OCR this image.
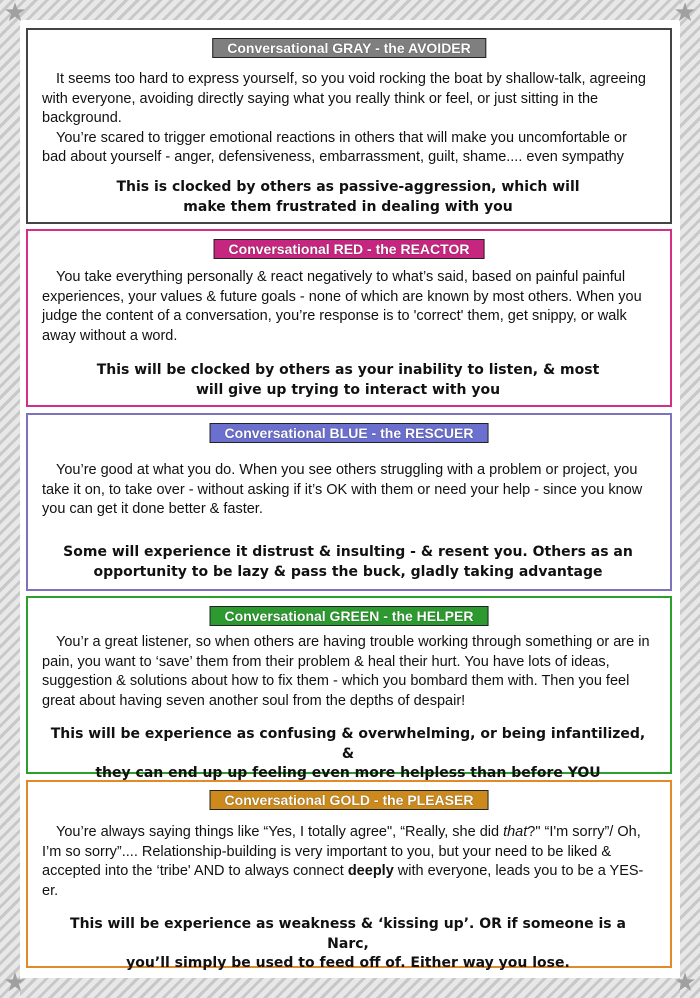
★	★
★	★
Conversational GRAY - the AVOIDER

It seems too hard to express yourself, so you void rocking the boat by shallow-talk, agreeing with everyone, avoiding directly saying what you really think or feel, or just sitting in the background.

You’re scared to trigger emotional reactions in others that will make you uncomfortable or bad about yourself - anger, defensiveness, embarrassment, guilt, shame.... even sympathy

This is clocked by others as passive-aggression, which will
make them frustrated in dealing with you
Conversational RED - the REACTOR

You take everything personally & react negatively to what’s said, based on painful painful experiences, your values & future goals - none of which are known by most others. When you judge the content of a conversation, you’re response is to 'correct' them, get snippy, or walk away without a word.

This will be clocked by others as your inability to listen, & most
will give up trying to interact with you
Conversational BLUE - the RESCUER

You’re good at what you do. When you see others struggling with a problem or project, you take it on, to take over - without asking if it’s OK with them or need your help - since you know you can get it done better & faster.

Some will experience it distrust & insulting - & resent you. Others as an
opportunity to be lazy & pass the buck, gladly taking advantage
Conversational GREEN - the HELPER

You’r a great listener, so when others are having trouble working through something or are in pain, you want to ‘save’ them from their problem & heal their hurt. You have lots of ideas, suggestion & solutions about how to fix them - which you bombard them with. Then you feel great about having seven another soul from the depths of despair!

This will be experience as confusing & overwhelming, or being infantilized, &
they can end up up feeling even more helpless than before YOU
Conversational GOLD - the PLEASER

You’re always saying things like “Yes, I totally agree", “Really, she did that?" “I'm sorry”/ Oh, I’m so sorry”.... Relationship-building is very important to you, but your need to be liked & accepted into the ‘tribe' AND to always connect deeply with everyone, leads you to be a YES-er.

This will be experience as weakness & ‘kissing up’. OR if someone is a Narc,
you’ll simply be used to feed off of. Either way you lose.
